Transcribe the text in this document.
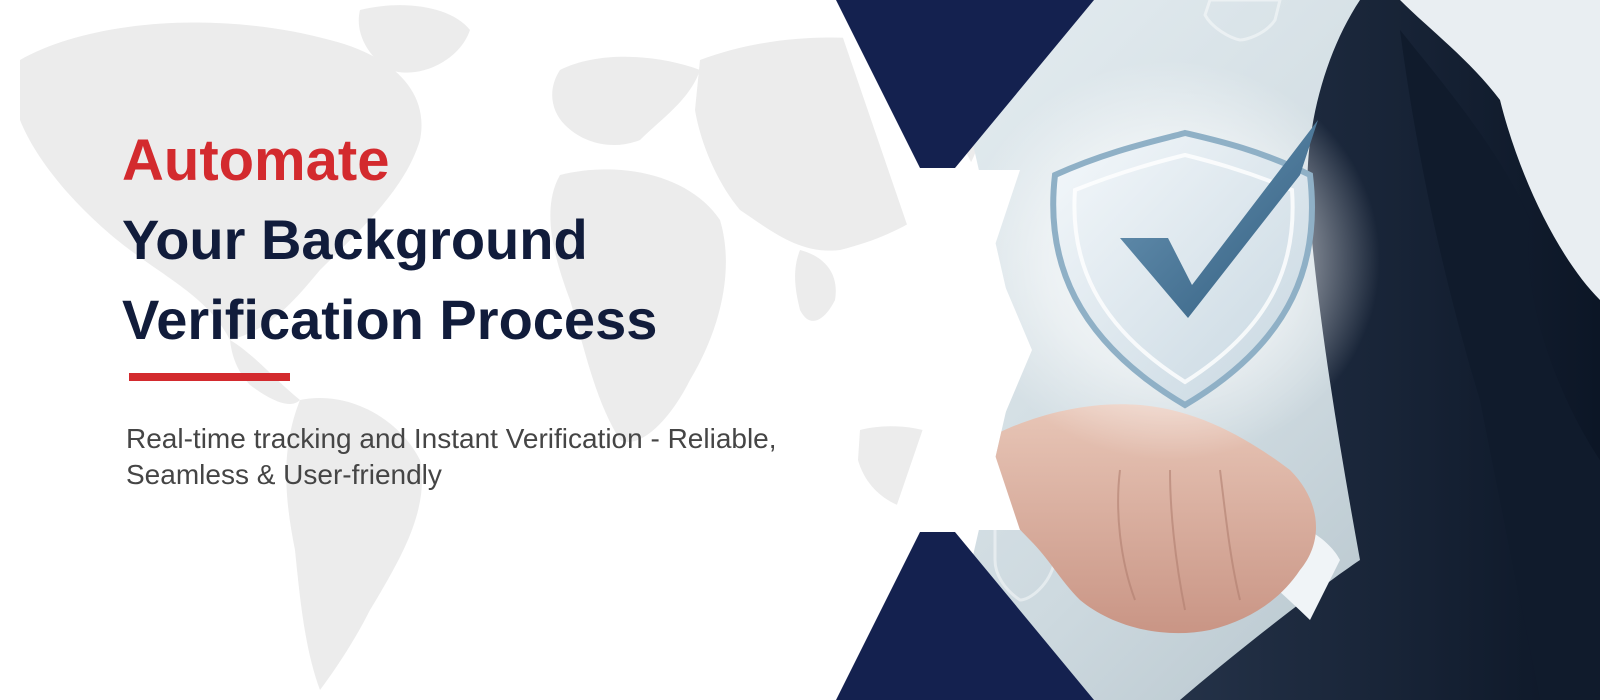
Automate
Your Background
Verification Process

Real-time tracking and Instant Verification - Reliable,
Seamless & User-friendly
